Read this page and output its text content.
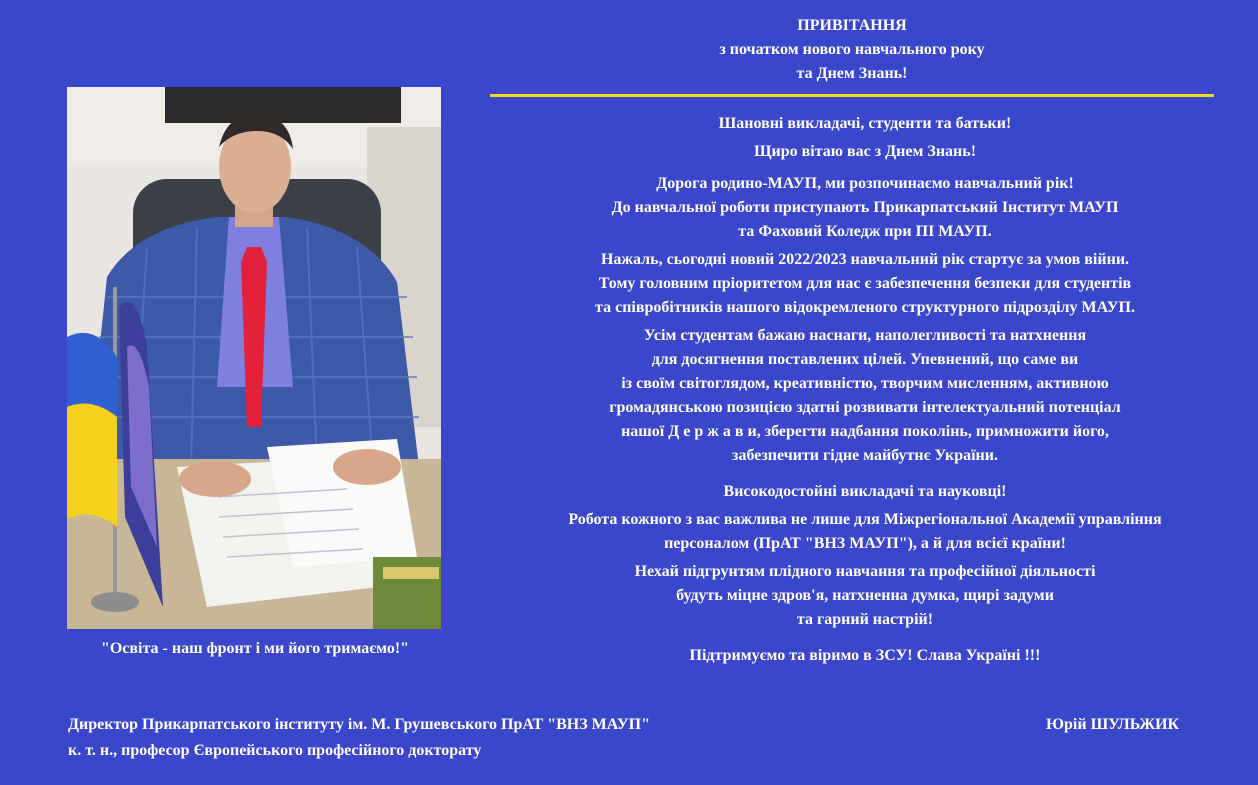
ПРИВІТАННЯ
з початком нового навчального року
та Днем Знань!
"Освіта - наш фронт і ми його тримаємо!"
Шановні викладачі, студенти та батьки!
Щиро вітаю вас з Днем Знань!
Дорога родино-МАУП, ми розпочинаємо навчальний рік!
До навчальної роботи приступають Прикарпатський Інститут МАУП
та Фаховий Коледж при ПІ МАУП.
Нажаль, сьогодні новий 2022/2023 навчальний рік стартує за умов війни.
Тому головним пріоритетом для нас є забезпечення безпеки для студентів
та співробітників нашого відокремленого структурного підрозділу МАУП.
Усім студентам бажаю наснаги, наполегливості та натхнення
для досягнення поставлених цілей. Упевнений, що саме ви
із своїм світоглядом, креативністю, творчим мисленням, активною
громадянською позицією здатні розвивати інтелектуальний потенціал
нашої Д е р ж а в и, зберегти надбання поколінь, примножити його,
забезпечити гідне майбутнє України.
Високодостойні викладачі та науковці!
Робота кожного з вас важлива не лише для Міжрегіональної Академії управління
персоналом (ПрАТ "ВНЗ МАУП"), а й для всієї країни!
Нехай підгрунтям плідного навчання та професійної діяльності
будуть міцне здров'я, натхненна думка, щирі задуми
та гарний настрій!
Підтримуємо та віримо в ЗСУ! Слава Україні !!!
Директор Прикарпатського інституту ім. М. Грушевського ПрАТ "ВНЗ МАУП"
к. т. н., професор Європейського професійного докторату
Юрій ШУЛЬЖИК
